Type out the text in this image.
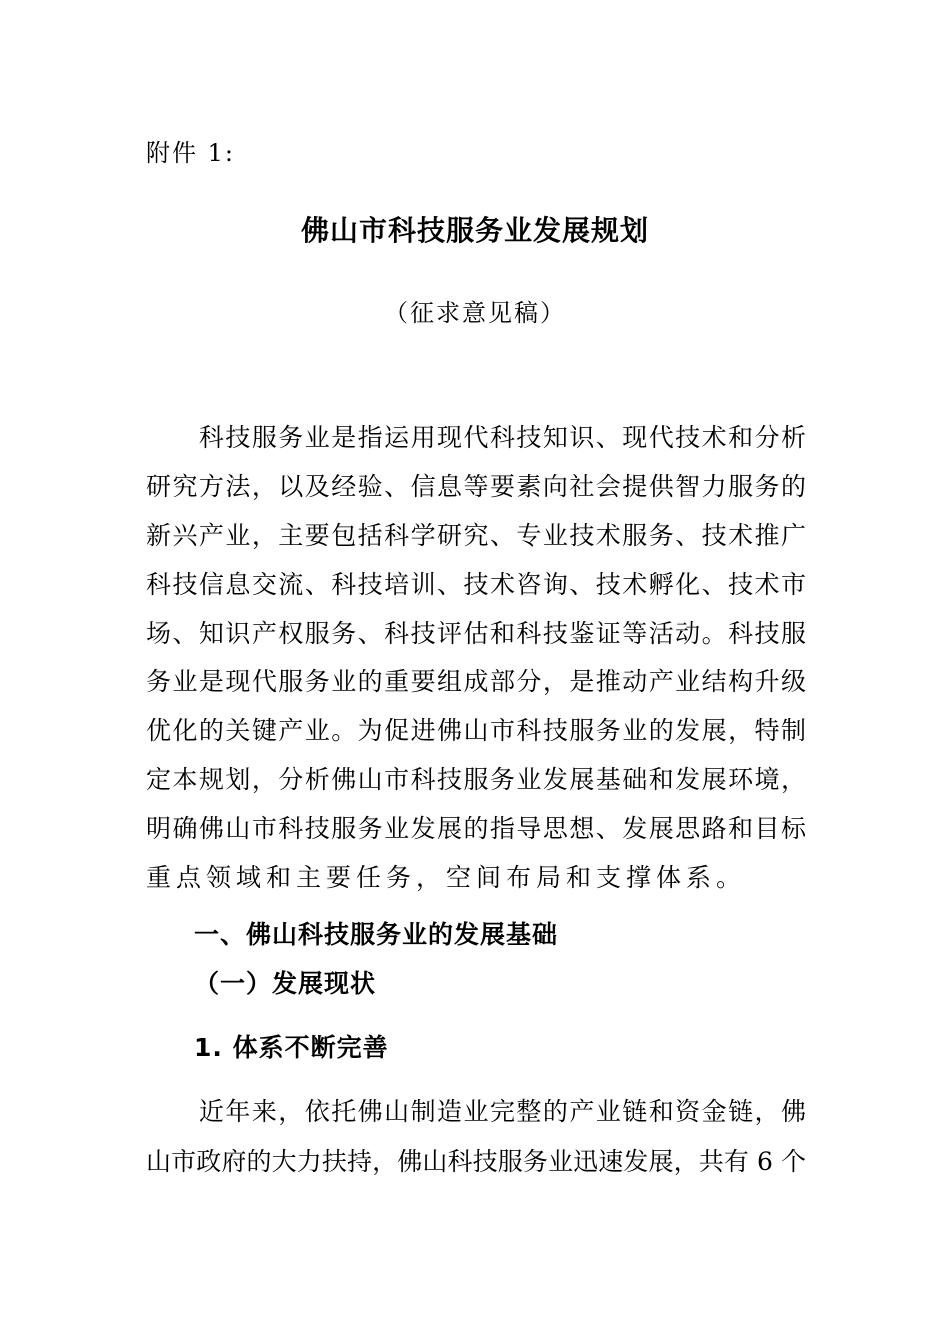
附件 1:
佛山市科技服务业发展规划
（征求意见稿）
　　科技服务业是指运用现代科技知识、现代技术和分析
研究方法，以及经验、信息等要素向社会提供智力服务的
新兴产业，主要包括科学研究、专业技术服务、技术推广
科技信息交流、科技培训、技术咨询、技术孵化、技术市
场、知识产权服务、科技评估和科技鉴证等活动。科技服
务业是现代服务业的重要组成部分，是推动产业结构升级
优化的关键产业。为促进佛山市科技服务业的发展，特制
定本规划，分析佛山市科技服务业发展基础和发展环境，
明确佛山市科技服务业发展的指导思想、发展思路和目标
重点领域和主要任务，空间布局和支撑体系。
一、佛山科技服务业的发展基础
（一）发展现状
1. 体系不断完善
　　近年来，依托佛山制造业完整的产业链和资金链，佛
山市政府的大力扶持，佛山科技服务业迅速发展，共有 6 个
